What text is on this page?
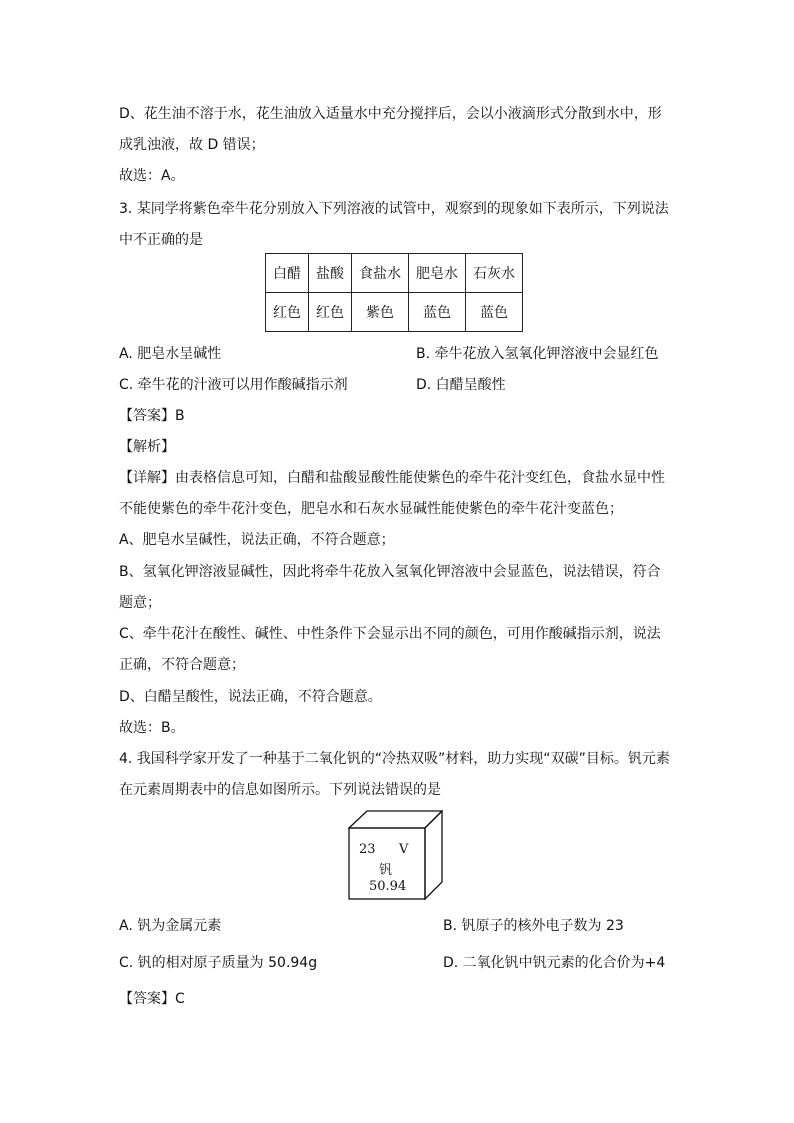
D、花生油不溶于水，花生油放入适量水中充分搅拌后，会以小液滴形式分散到水中，形
成乳浊液，故 D 错误；
故选：A。
3. 某同学将紫色牵牛花分别放入下列溶液的试管中，观察到的现象如下表所示，下列说法
中不正确的是
白醋	盐酸	食盐水	肥皂水	石灰水
红色	红色	紫色	蓝色	蓝色
A. 肥皂水呈碱性	B. 牵牛花放入氢氧化钾溶液中会显红色
C. 牵牛花的汁液可以用作酸碱指示剂	D. 白醋呈酸性
【答案】B
【解析】
【详解】由表格信息可知，白醋和盐酸显酸性能使紫色的牵牛花汁变红色，食盐水显中性
不能使紫色的牵牛花汁变色，肥皂水和石灰水显碱性能使紫色的牵牛花汁变蓝色；
A、肥皂水呈碱性，说法正确，不符合题意；
B、氢氧化钾溶液显碱性，因此将牵牛花放入氢氧化钾溶液中会显蓝色，说法错误，符合
题意；
C、牵牛花汁在酸性、碱性、中性条件下会显示出不同的颜色，可用作酸碱指示剂，说法
正确，不符合题意；
D、白醋呈酸性，说法正确，不符合题意。
故选：B。
4. 我国科学家开发了一种基于二氧化钒的“冷热双吸”材料，助力实现“双碳”目标。钒元素
在元素周期表中的信息如图所示。下列说法错误的是
23 V
钒
50.94
A. 钒为金属元素	B. 钒原子的核外电子数为 23
C. 钒的相对原子质量为 50.94g	D. 二氧化钒中钒元素的化合价为+4
【答案】C
